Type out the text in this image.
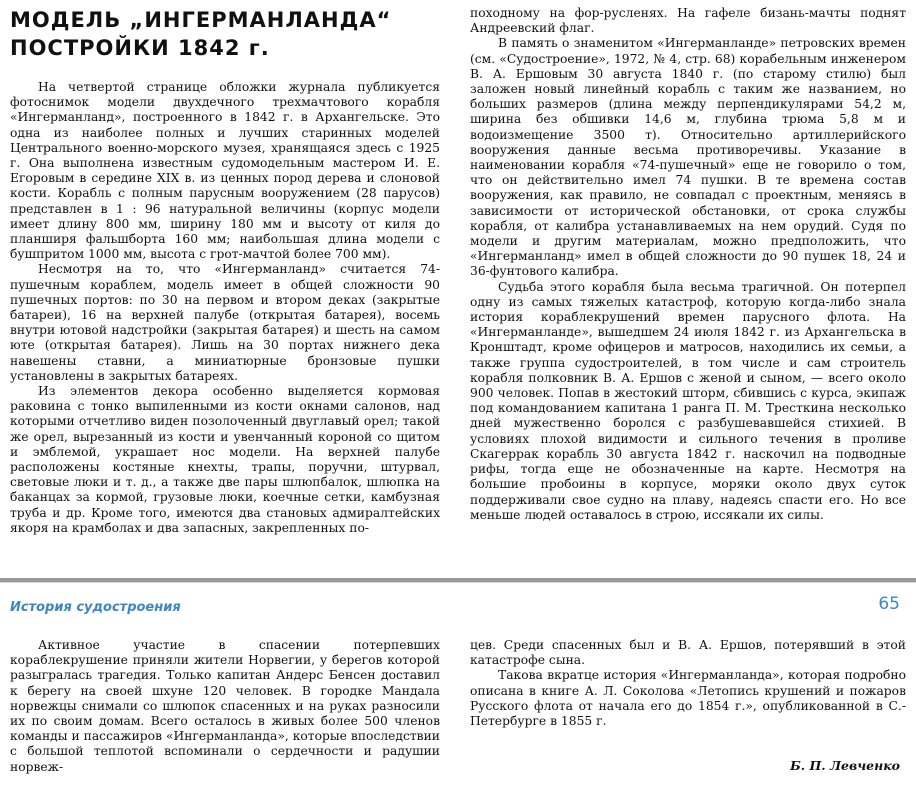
МОДЕЛЬ „ИНГЕРМАНЛАНДА“
ПОСТРОЙКИ 1842 г.

На четвертой странице обложки журнала публикуется фотоснимок модели двухдечного трехмачтового корабля «Ингерманланд», построенного в 1842 г. в Архангельске. Это одна из наиболее полных и лучших старинных моделей Центрального военно-морского музея, хранящаяся здесь с 1925 г. Она выполнена известным судомодельным мастером И. Е. Егоровым в середине XIX в. из ценных пород дерева и слоновой кости. Корабль с полным парусным вооружением (28 парусов) представлен в 1 : 96 натуральной величины (корпус модели имеет длину 800 мм, ширину 180 мм и высоту от киля до планширя фальшборта 160 мм; наибольшая длина модели с бушпритом 1000 мм, высота с грот-мачтой более 700 мм).

Несмотря на то, что «Ингерманланд» считается 74-пушечным кораблем, модель имеет в общей сложности 90 пушечных портов: по 30 на первом и втором деках (закрытые батареи), 16 на верхней палубе (открытая батарея), восемь внутри ютовой надстройки (закрытая батарея) и шесть на самом юте (открытая батарея). Лишь на 30 портах нижнего дека навешены ставни, а миниатюрные бронзовые пушки установлены в закрытых батареях.

Из элементов декора особенно выделяется кормовая раковина с тонко выпиленными из кости окнами салонов, над которыми отчетливо виден позолоченный двуглавый орел; такой же орел, вырезанный из кости и увенчанный короной со щитом и эмблемой, украшает нос модели. На верхней палубе расположены костяные кнехты, трапы, поручни, штурвал, световые люки и т. д., а также две пары шлюпбалок, шлюпка на баканцах за кормой, грузовые люки, коечные сетки, камбузная труба и др. Кроме того, имеются два становых адмиралтейских якоря на крамболах и два запасных, закрепленных по-

походному на фор-русленях. На гафеле бизань-мачты поднят Андреевский флаг.

В память о знаменитом «Ингерманланде» петровских времен (см. «Судостроение», 1972, № 4, стр. 68) корабельным инженером В. А. Ершовым 30 августа 1840 г. (по старому стилю) был заложен новый линейный корабль с таким же названием, но больших размеров (длина между перпендикулярами 54,2 м, ширина без обшивки 14,6 м, глубина трюма 5,8 м и водоизмещение 3500 т). Относительно артиллерийского вооружения данные весьма противоречивы. Указание в наименовании корабля «74-пушечный» еще не говорило о том, что он действительно имел 74 пушки. В те времена состав вооружения, как правило, не совпадал с проектным, меняясь в зависимости от исторической обстановки, от срока службы корабля, от калибра устанавливаемых на нем орудий. Судя по модели и другим материалам, можно предположить, что «Ингерманланд» имел в общей сложности до 90 пушек 18, 24 и 36-фунтового калибра.

Судьба этого корабля была весьма трагичной. Он потерпел одну из самых тяжелых катастроф, которую когда-либо знала история кораблекрушений времен парусного флота. На «Ингерманланде», вышедшем 24 июля 1842 г. из Архангельска в Кронштадт, кроме офицеров и матросов, находились их семьи, а также группа судостроителей, в том числе и сам строитель корабля полковник В. А. Ершов с женой и сыном, — всего около 900 человек. Попав в жестокий шторм, сбившись с курса, экипаж под командованием капитана 1 ранга П. М. Тресткина несколько дней мужественно боролся с разбушевавшейся стихией. В условиях плохой видимости и сильного течения в проливе Скагеррак корабль 30 августа 1842 г. наскочил на подводные рифы, тогда еще не обозначенные на карте. Несмотря на большие пробоины в корпусе, моряки около двух суток поддерживали свое судно на плаву, надеясь спасти его. Но все меньше людей оставалось в строю, иссякали их силы.

История судостроения	65

Активное участие в спасении потерпевших кораблекрушение приняли жители Норвегии, у берегов которой разыгралась трагедия. Только капитан Андерс Бенсен доставил к берегу на своей шхуне 120 человек. В городке Мандала норвежцы снимали со шлюпок спасенных и на руках разносили их по своим домам. Всего осталось в живых более 500 членов команды и пассажиров «Ингерманланда», которые впоследствии с большой теплотой вспоминали о сердечности и радушии норвеж-

цев. Среди спасенных был и В. А. Ершов, потерявший в этой катастрофе сына.

Такова вкратце история «Ингерманланда», которая подробно описана в книге А. Л. Соколова «Летопись крушений и пожаров Русского флота от начала его до 1854 г.», опубликованной в С.-Петербурге в 1855 г.

Б. П. Левченко
